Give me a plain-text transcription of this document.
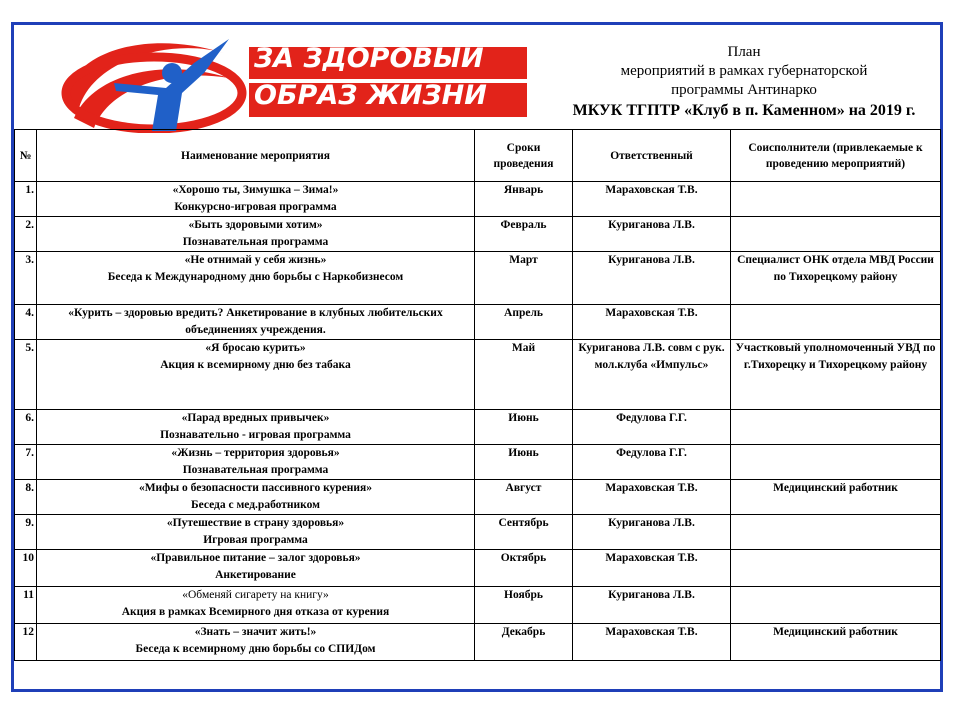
ЗА ЗДОРОВЫЙ
ОБРАЗ ЖИЗНИ
План
мероприятий в рамках губернаторской
программы Антинарко
МКУК ТГПТР «Клуб в п. Каменном» на 2019 г.
№	Наименование мероприятия	Сроки проведения	Ответственный	Соисполнители (привлекаемые к проведению мероприятий)
1.	«Хорошо ты, Зимушка – Зима!»
Конкурсно-игровая программа	Январь	Мараховская Т.В.	
2.	«Быть здоровыми хотим»
Познавательная программа	Февраль	Куриганова Л.В.	
3.	«Не отнимай у себя жизнь»
Беседа к Международному дню борьбы с Наркобизнесом	Март	Куриганова Л.В.	Специалист ОНК отдела МВД России по Тихорецкому району
4.	«Курить – здоровью вредить? Анкетирование в клубных любительских объединениях учреждения.	Апрель	Мараховская Т.В.	
5.	«Я бросаю курить»
Акция к всемирному дню без табака	Май	Куриганова Л.В. совм с рук. мол.клуба «Импульс»	Участковый уполномоченный УВД по г.Тихорецку и Тихорецкому району
6.	«Парад вредных привычек»
Познавательно - игровая программа	Июнь	Федулова Г.Г.	
7.	«Жизнь – территория здоровья»
Познавательная программа	Июнь	Федулова Г.Г.	
8.	«Мифы о безопасности пассивного курения»
Беседа с мед.работником	Август	Мараховская Т.В.	Медицинский работник
9.	«Путешествие в страну здоровья»
Игровая программа	Сентябрь	Куриганова Л.В.	
10	«Правильное питание – залог здоровья»
Анкетирование	Октябрь	Мараховская Т.В.	
11	«Обменяй сигарету на книгу»
Акция в рамках Всемирного дня отказа от курения	Ноябрь	Куриганова Л.В.	
12	«Знать – значит жить!»
Беседа к всемирному дню борьбы со СПИДом	Декабрь	Мараховская Т.В.	Медицинский работник
